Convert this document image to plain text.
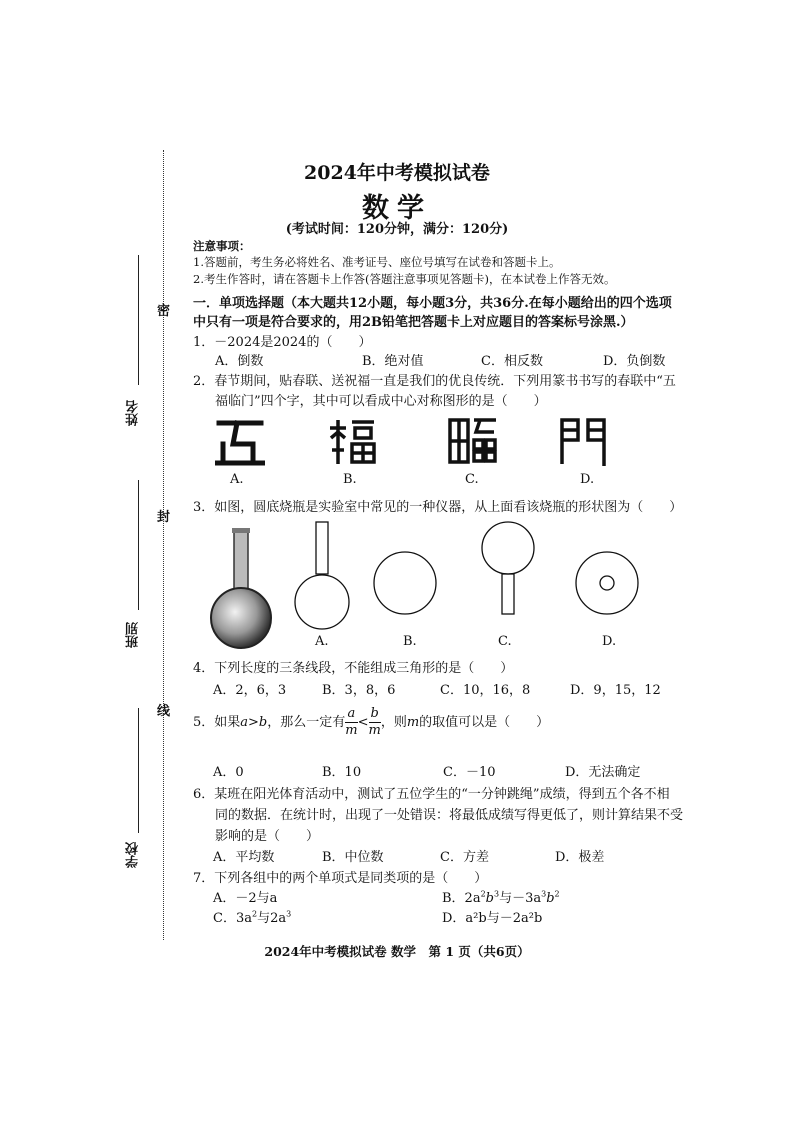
密
封
线
姓名
班别
学校
2024年中考模拟试卷
数学
(考试时间：120分钟，满分：120分)
注意事项：
1.答题前，考生务必将姓名、准考证号、座位号填写在试卷和答题卡上。
2.考生作答时，请在答题卡上作答(答题注意事项见答题卡)，在本试卷上作答无效。
一．单项选择题（本大题共12小题，每小题3分，共36分.在每小题给出的四个选项
中只有一项是符合要求的，用2B铅笔把答题卡上对应题目的答案标号涂黑.）
1．－2024是2024的（　　）
A．倒数	B．绝对值	C．相反数	D．负倒数
2．春节期间，贴春联、送祝福一直是我们的优良传统．下列用篆书书写的春联中“五
福临门”四个字，其中可以看成中心对称图形的是（　　）
A.	B.	C.	D.
3．如图，圆底烧瓶是实验室中常见的一种仪器，从上面看该烧瓶的形状图为（　　）
A.	B.	C.	D.
4．下列长度的三条线段，不能组成三角形的是（　　）
A．2，6，3	B．3，8，6	C．10，16，8	D．9，15，12
5．如果a>b，那么一定有 $\frac{a}{m} < \frac{b}{m}$ ，则m的取值可以是（　　）
A．0	B．10	C．－10	D．无法确定
6．某班在阳光体育活动中，测试了五位学生的“一分钟跳绳”成绩，得到五个各不相
同的数据．在统计时，出现了一处错误：将最低成绩写得更低了，则计算结果不受
影响的是（　　）
A．平均数	B．中位数	C．方差	D．极差
7．下列各组中的两个单项式是同类项的是（　　）
A．－2与a	B．$2a^2b^3$与$-3a^3b^2$
C．$3a^2$与$2a^3$	D．a²b与－2a²b
2024年中考模拟试卷 数学　第 1 页（共6页）
